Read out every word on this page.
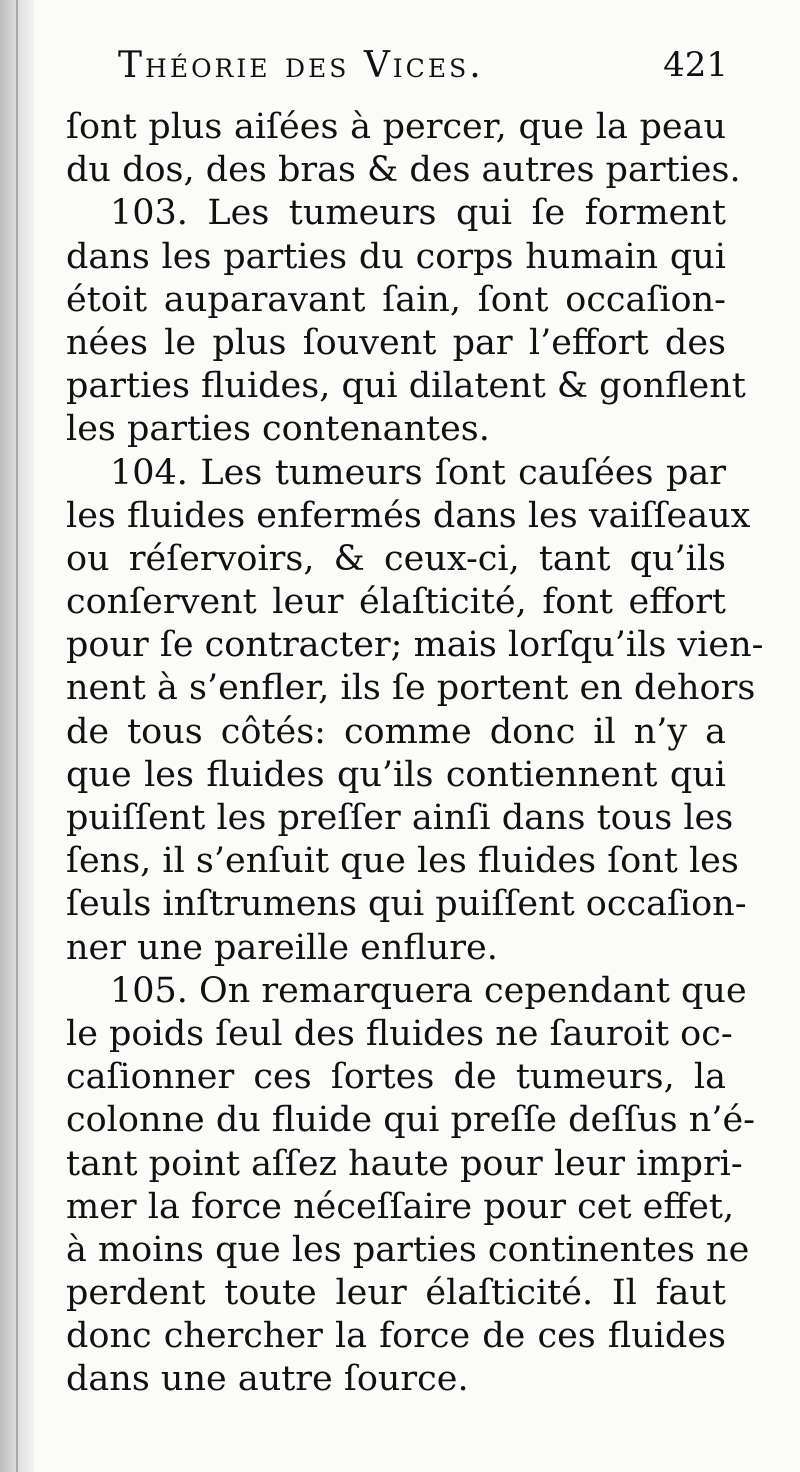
Théorie des Vices.	421
ſont plus aiſées à percer, que la peau
du dos, des bras & des autres parties.
103. Les tumeurs qui ſe forment
dans les parties du corps humain qui
étoit auparavant ſain, ſont occaſion-
nées le plus ſouvent par l’effort des
parties fluides, qui dilatent & gonflent
les parties contenantes.
104. Les tumeurs ſont cauſées par
les fluides enfermés dans les vaiſſeaux
ou réſervoirs, & ceux-ci, tant qu’ils
conſervent leur élaſticité, font effort
pour ſe contracter; mais lorſqu’ils vien-
nent à s’enfler, ils ſe portent en dehors
de tous côtés: comme donc il n’y a
que les fluides qu’ils contiennent qui
puiſſent les preſſer ainſi dans tous les
ſens, il s’enſuit que les fluides ſont les
ſeuls inſtrumens qui puiſſent occaſion-
ner une pareille enflure.
105. On remarquera cependant que
le poids ſeul des fluides ne ſauroit oc-
caſionner ces ſortes de tumeurs, la
colonne du fluide qui preſſe deſſus n’é-
tant point aſſez haute pour leur impri-
mer la force néceſſaire pour cet effet,
à moins que les parties continentes ne
perdent toute leur élaſticité. Il faut
donc chercher la force de ces fluides
dans une autre ſource.
